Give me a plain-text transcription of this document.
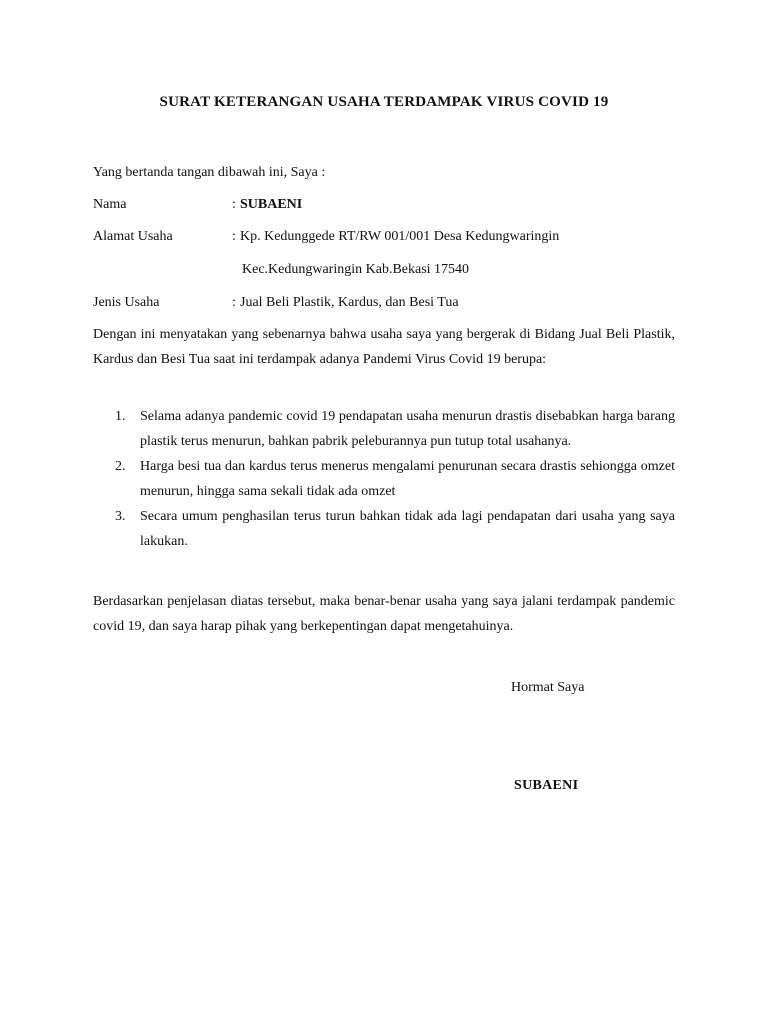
SURAT KETERANGAN USAHA TERDAMPAK VIRUS COVID 19
Yang bertanda tangan dibawah ini, Saya :
Nama	: SUBAENI
Alamat Usaha	: Kp. Kedunggede RT/RW 001/001 Desa Kedungwaringin
Kec.Kedungwaringin Kab.Bekasi 17540
Jenis Usaha	: Jual Beli Plastik, Kardus, dan Besi Tua
Dengan ini menyatakan yang sebenarnya bahwa usaha saya yang bergerak di Bidang Jual Beli Plastik, Kardus dan Besi Tua saat ini terdampak adanya Pandemi Virus Covid 19 berupa:
1. Selama adanya pandemic covid 19 pendapatan usaha menurun drastis disebabkan harga barang plastik terus menurun, bahkan pabrik peleburannya pun tutup total usahanya.
2. Harga besi tua dan kardus terus menerus mengalami penurunan secara drastis sehiongga omzet menurun, hingga sama sekali tidak ada omzet
3. Secara umum penghasilan terus turun bahkan tidak ada lagi pendapatan dari usaha yang saya lakukan.
Berdasarkan penjelasan diatas tersebut, maka benar-benar usaha yang saya jalani terdampak pandemic covid 19, dan saya harap pihak yang berkepentingan dapat mengetahuinya.
Hormat Saya
SUBAENI
